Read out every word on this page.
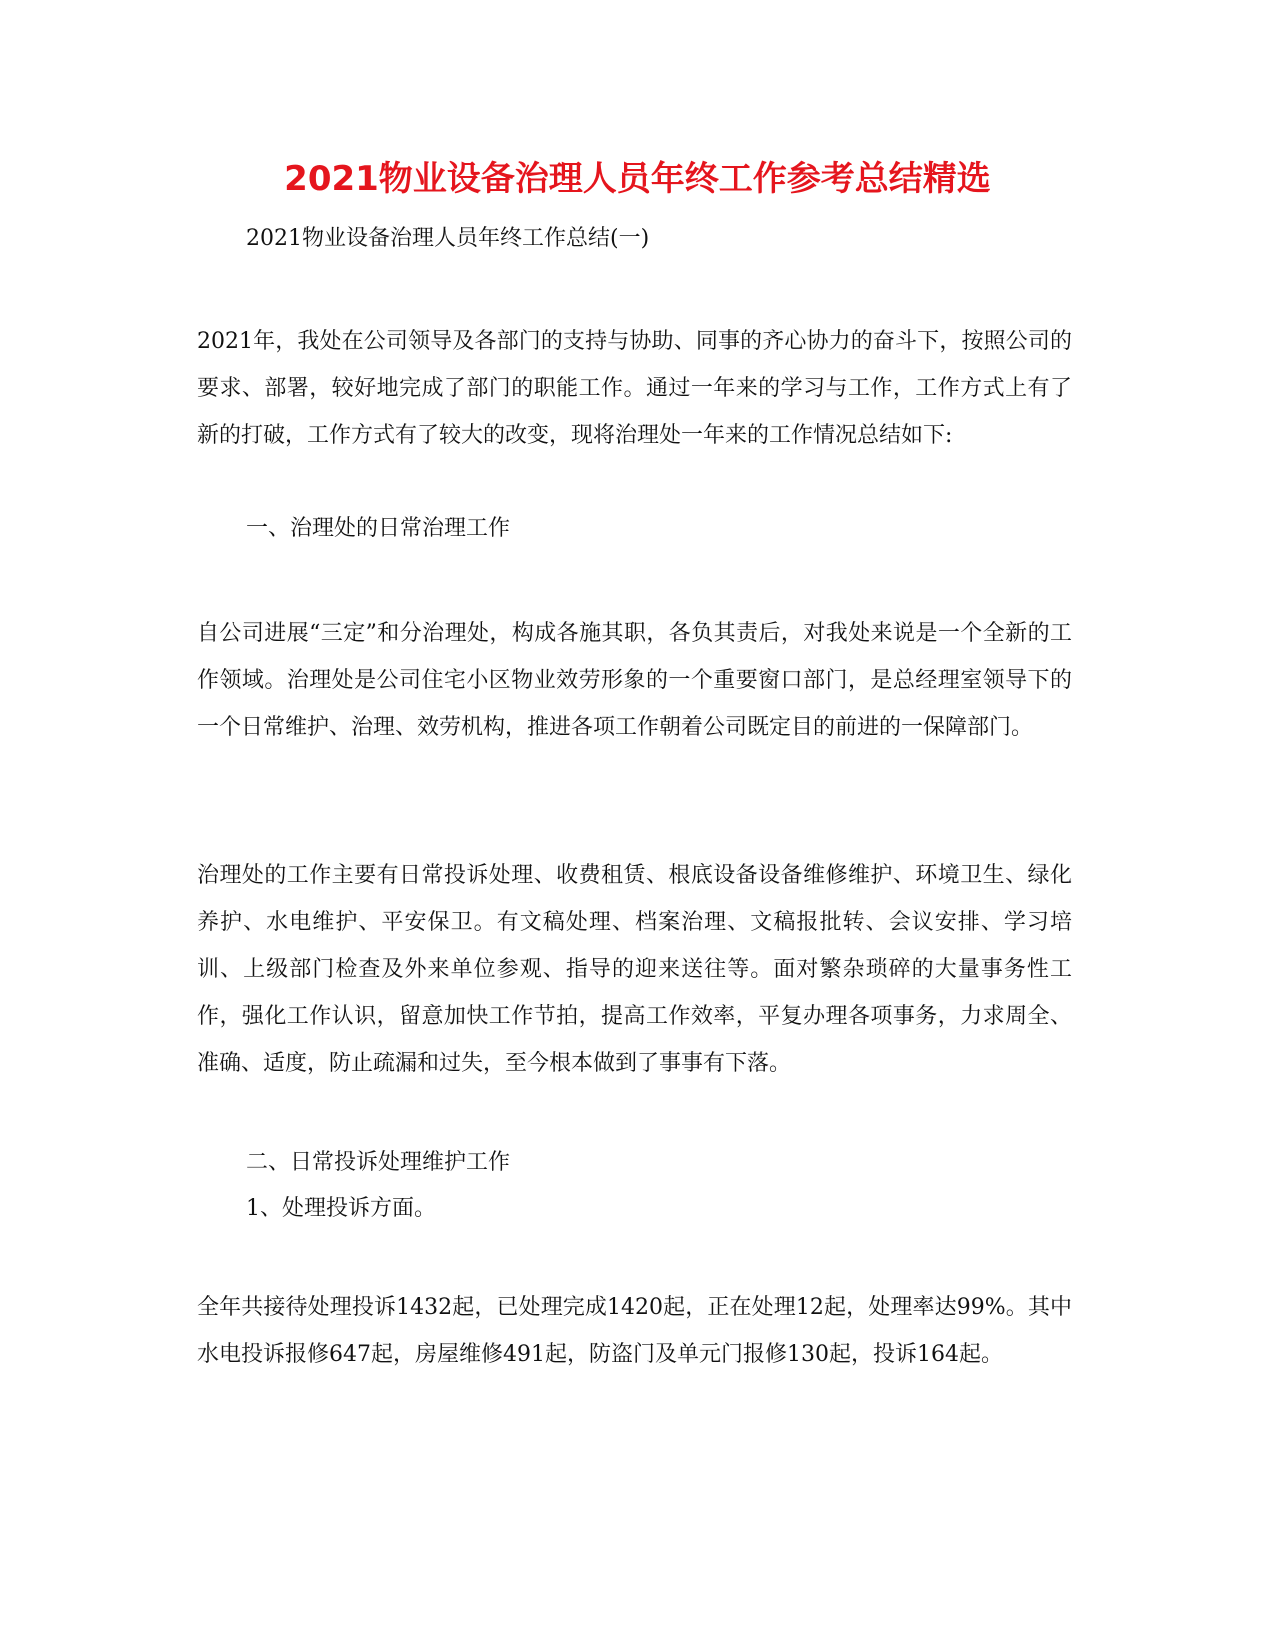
2021物业设备治理人员年终工作参考总结精选
2021物业设备治理人员年终工作总结(一)
2021年，我处在公司领导及各部门的支持与协助、同事的齐心协力的奋斗下，按照公司的要求、部署，较好地完成了部门的职能工作。通过一年来的学习与工作，工作方式上有了新的打破，工作方式有了较大的改变，现将治理处一年来的工作情况总结如下:
一、治理处的日常治理工作
自公司进展“三定”和分治理处，构成各施其职，各负其责后，对我处来说是一个全新的工作领域。治理处是公司住宅小区物业效劳形象的一个重要窗口部门，是总经理室领导下的一个日常维护、治理、效劳机构，推进各项工作朝着公司既定目的前进的一保障部门。
治理处的工作主要有日常投诉处理、收费租赁、根底设备设备维修维护、环境卫生、绿化养护、水电维护、平安保卫。有文稿处理、档案治理、文稿报批转、会议安排、学习培训、上级部门检查及外来单位参观、指导的迎来送往等。面对繁杂琐碎的大量事务性工作，强化工作认识，留意加快工作节拍，提高工作效率，平复办理各项事务，力求周全、准确、适度，防止疏漏和过失，至今根本做到了事事有下落。
二、日常投诉处理维护工作
1、处理投诉方面。
全年共接待处理投诉1432起，已处理完成1420起，正在处理12起，处理率达99%。其中水电投诉报修647起，房屋维修491起，防盗门及单元门报修130起，投诉164起。
